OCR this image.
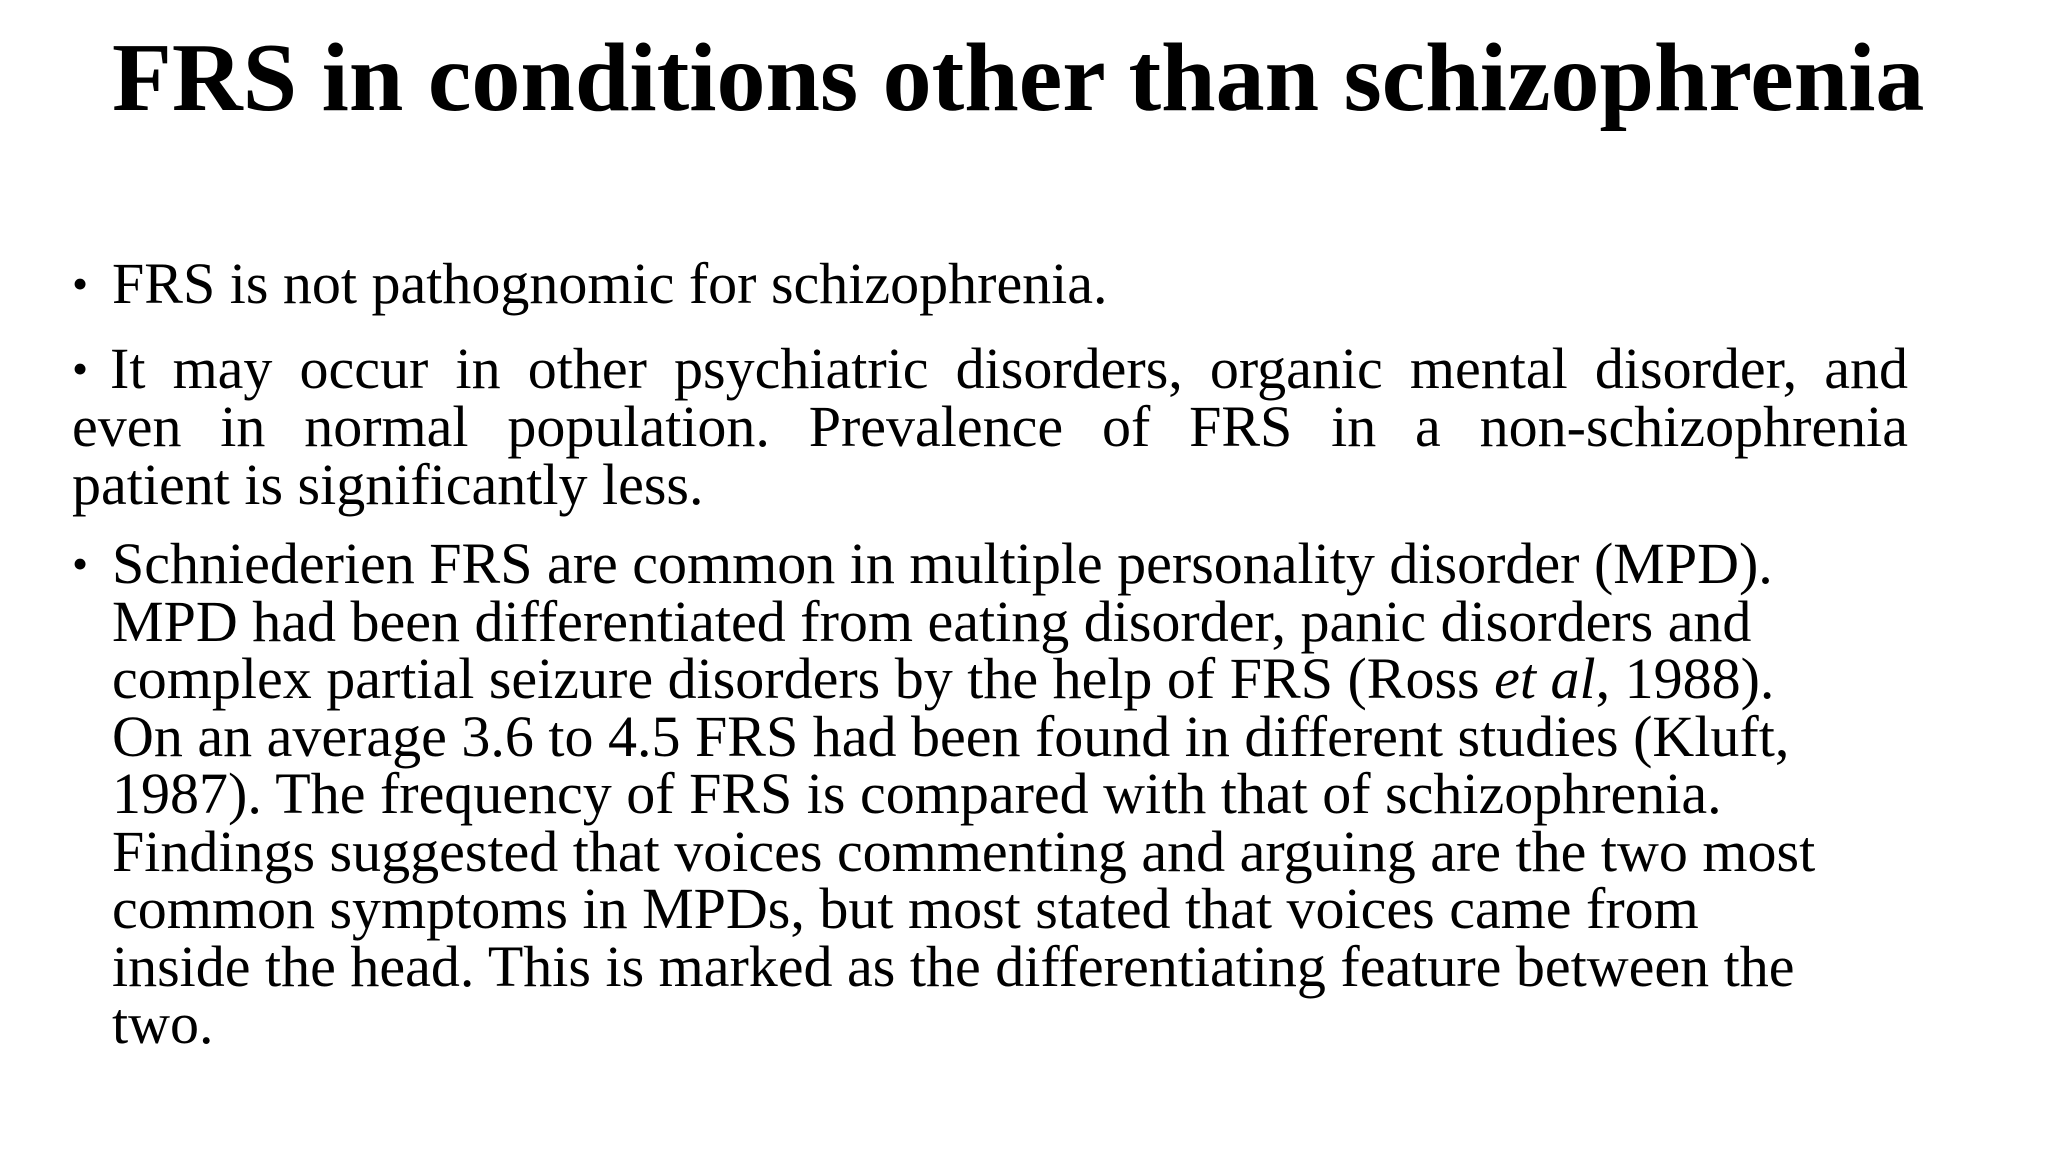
FRS in conditions other than schizophrenia
• FRS is not pathognomic for schizophrenia.
• It may occur in other psychiatric disorders, organic mental disorder, and
even in normal population. Prevalence of FRS in a non-schizophrenia
patient is significantly less.
• Schniederien FRS are common in multiple personality disorder (MPD).
MPD had been differentiated from eating disorder, panic disorders and
complex partial seizure disorders by the help of FRS (Ross et al, 1988).
On an average 3.6 to 4.5 FRS had been found in different studies (Kluft,
1987). The frequency of FRS is compared with that of schizophrenia.
Findings suggested that voices commenting and arguing are the two most
common symptoms in MPDs, but most stated that voices came from
inside the head. This is marked as the differentiating feature between the
two.
